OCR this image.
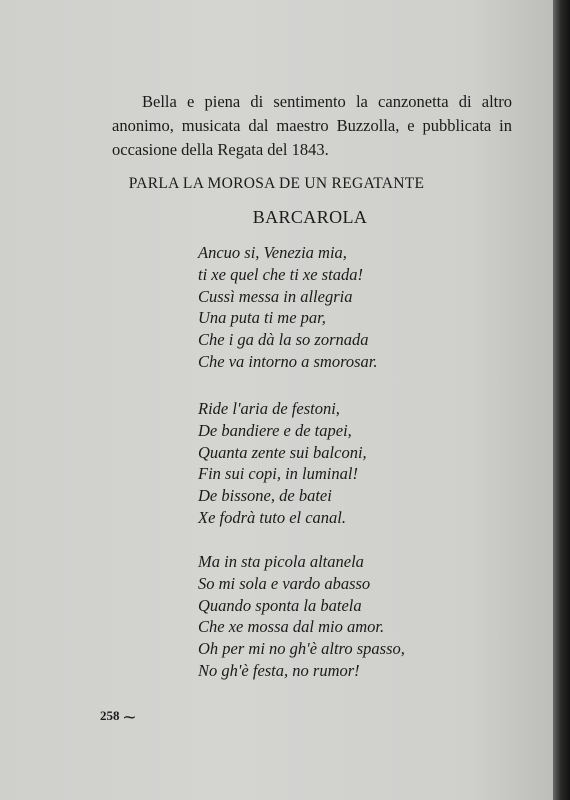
Bella e piena di sentimento la canzonetta di altro anonimo, musicata dal maestro Buzzolla, e pubblicata in occasione della Regata del 1843.

PARLA LA MOROSA DE UN REGATANTE
BARCAROLA
Ancuo si, Venezia mia,
ti xe quel che ti xe stada!
Cussì messa in allegria
Una puta ti me par,
Che i ga dà la so zornada
Che va intorno a smorosar.
Ride l'aria de festoni,
De bandiere e de tapei,
Quanta zente sui balconi,
Fin sui copi, in luminal!
De bissone, de batei
Xe fodrà tuto el canal.
Ma in sta picola altanela
So mi sola e vardo abasso
Quando sponta la batela
Che xe mossa dal mio amor.
Oh per mi no gh'è altro spasso,
No gh'è festa, no rumor!
258 ⁓
